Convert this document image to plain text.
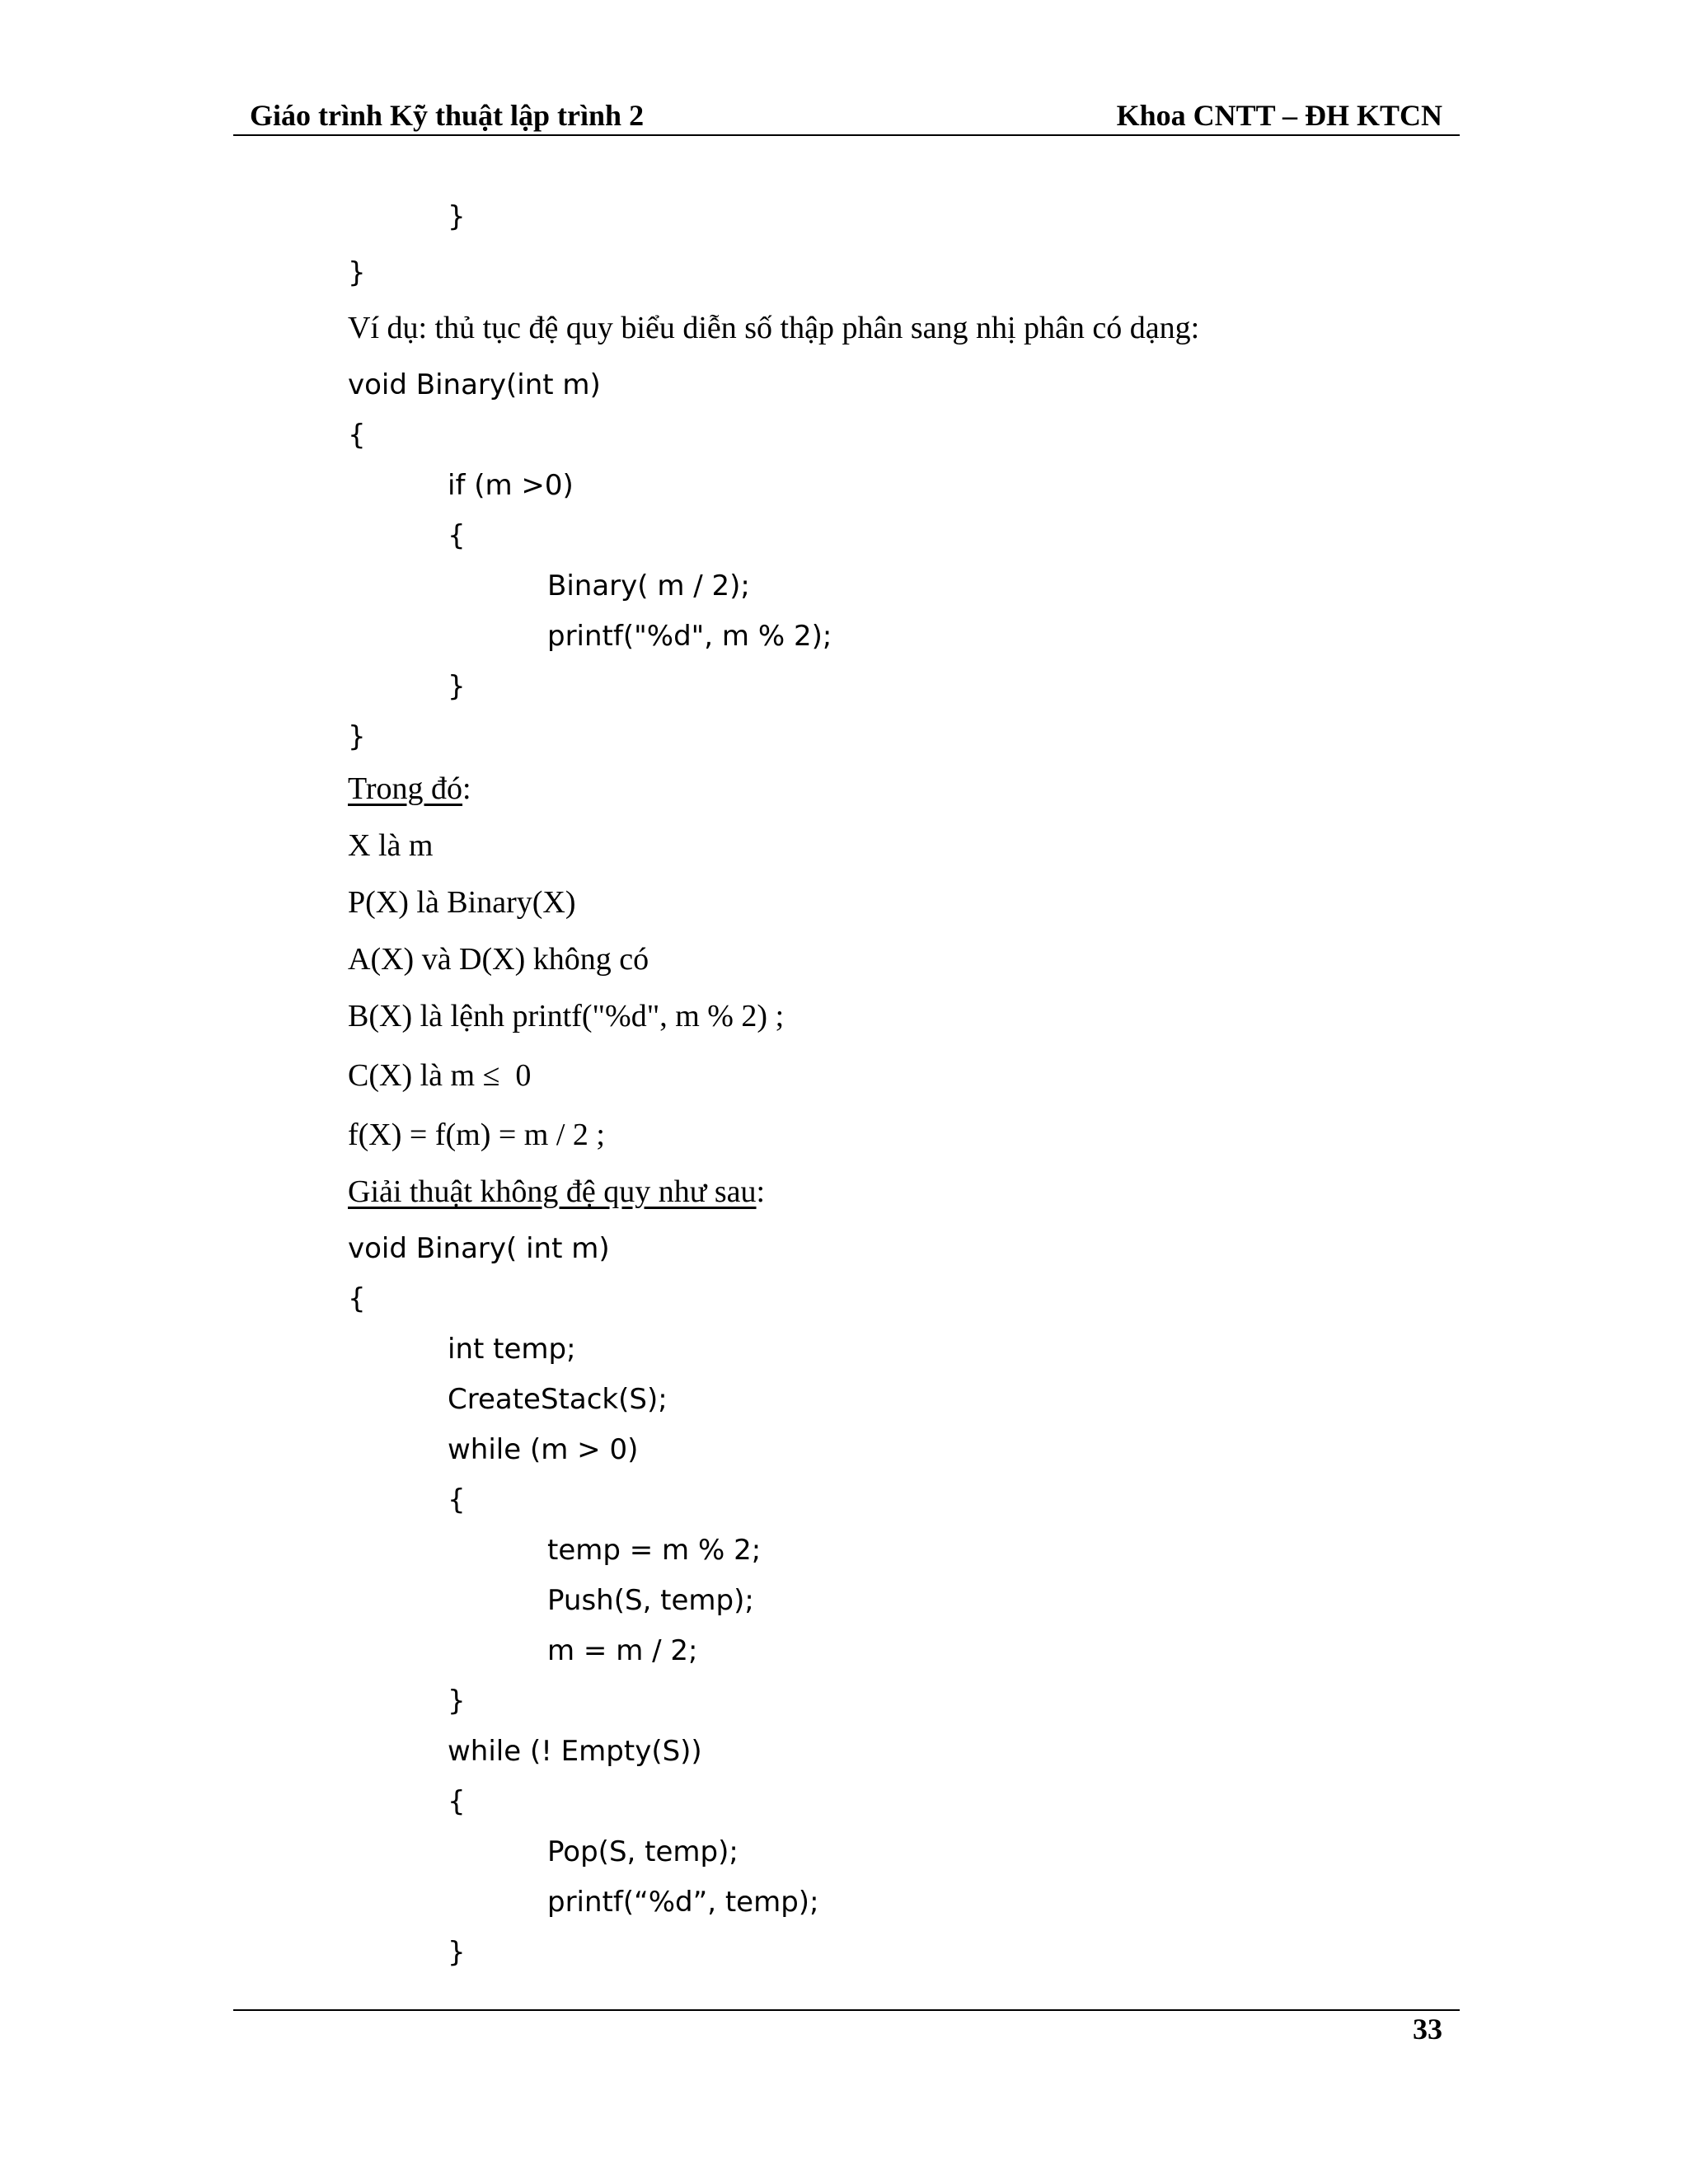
Giáo trình Kỹ thuật lập trình 2	Khoa CNTT – ĐH KTCN
}
}
Ví dụ: thủ tục đệ quy biểu diễn số thập phân sang nhị phân có dạng:
void Binary(int m)
{
if (m >0)
{
Binary( m / 2);
printf("%d", m % 2);
}
}
Trong đó:
X là m
P(X) là Binary(X)
A(X) và D(X) không có
B(X) là lệnh printf("%d", m % 2) ;
C(X) là m ≤  0
f(X) = f(m) = m / 2 ;
Giải thuật không đệ quy như sau:
void Binary( int m)
{
int temp;
CreateStack(S);
while (m > 0)
{
temp = m % 2;
Push(S, temp);
m = m / 2;
}
while (! Empty(S))
{
Pop(S, temp);
printf(“%d”, temp);
}
33
